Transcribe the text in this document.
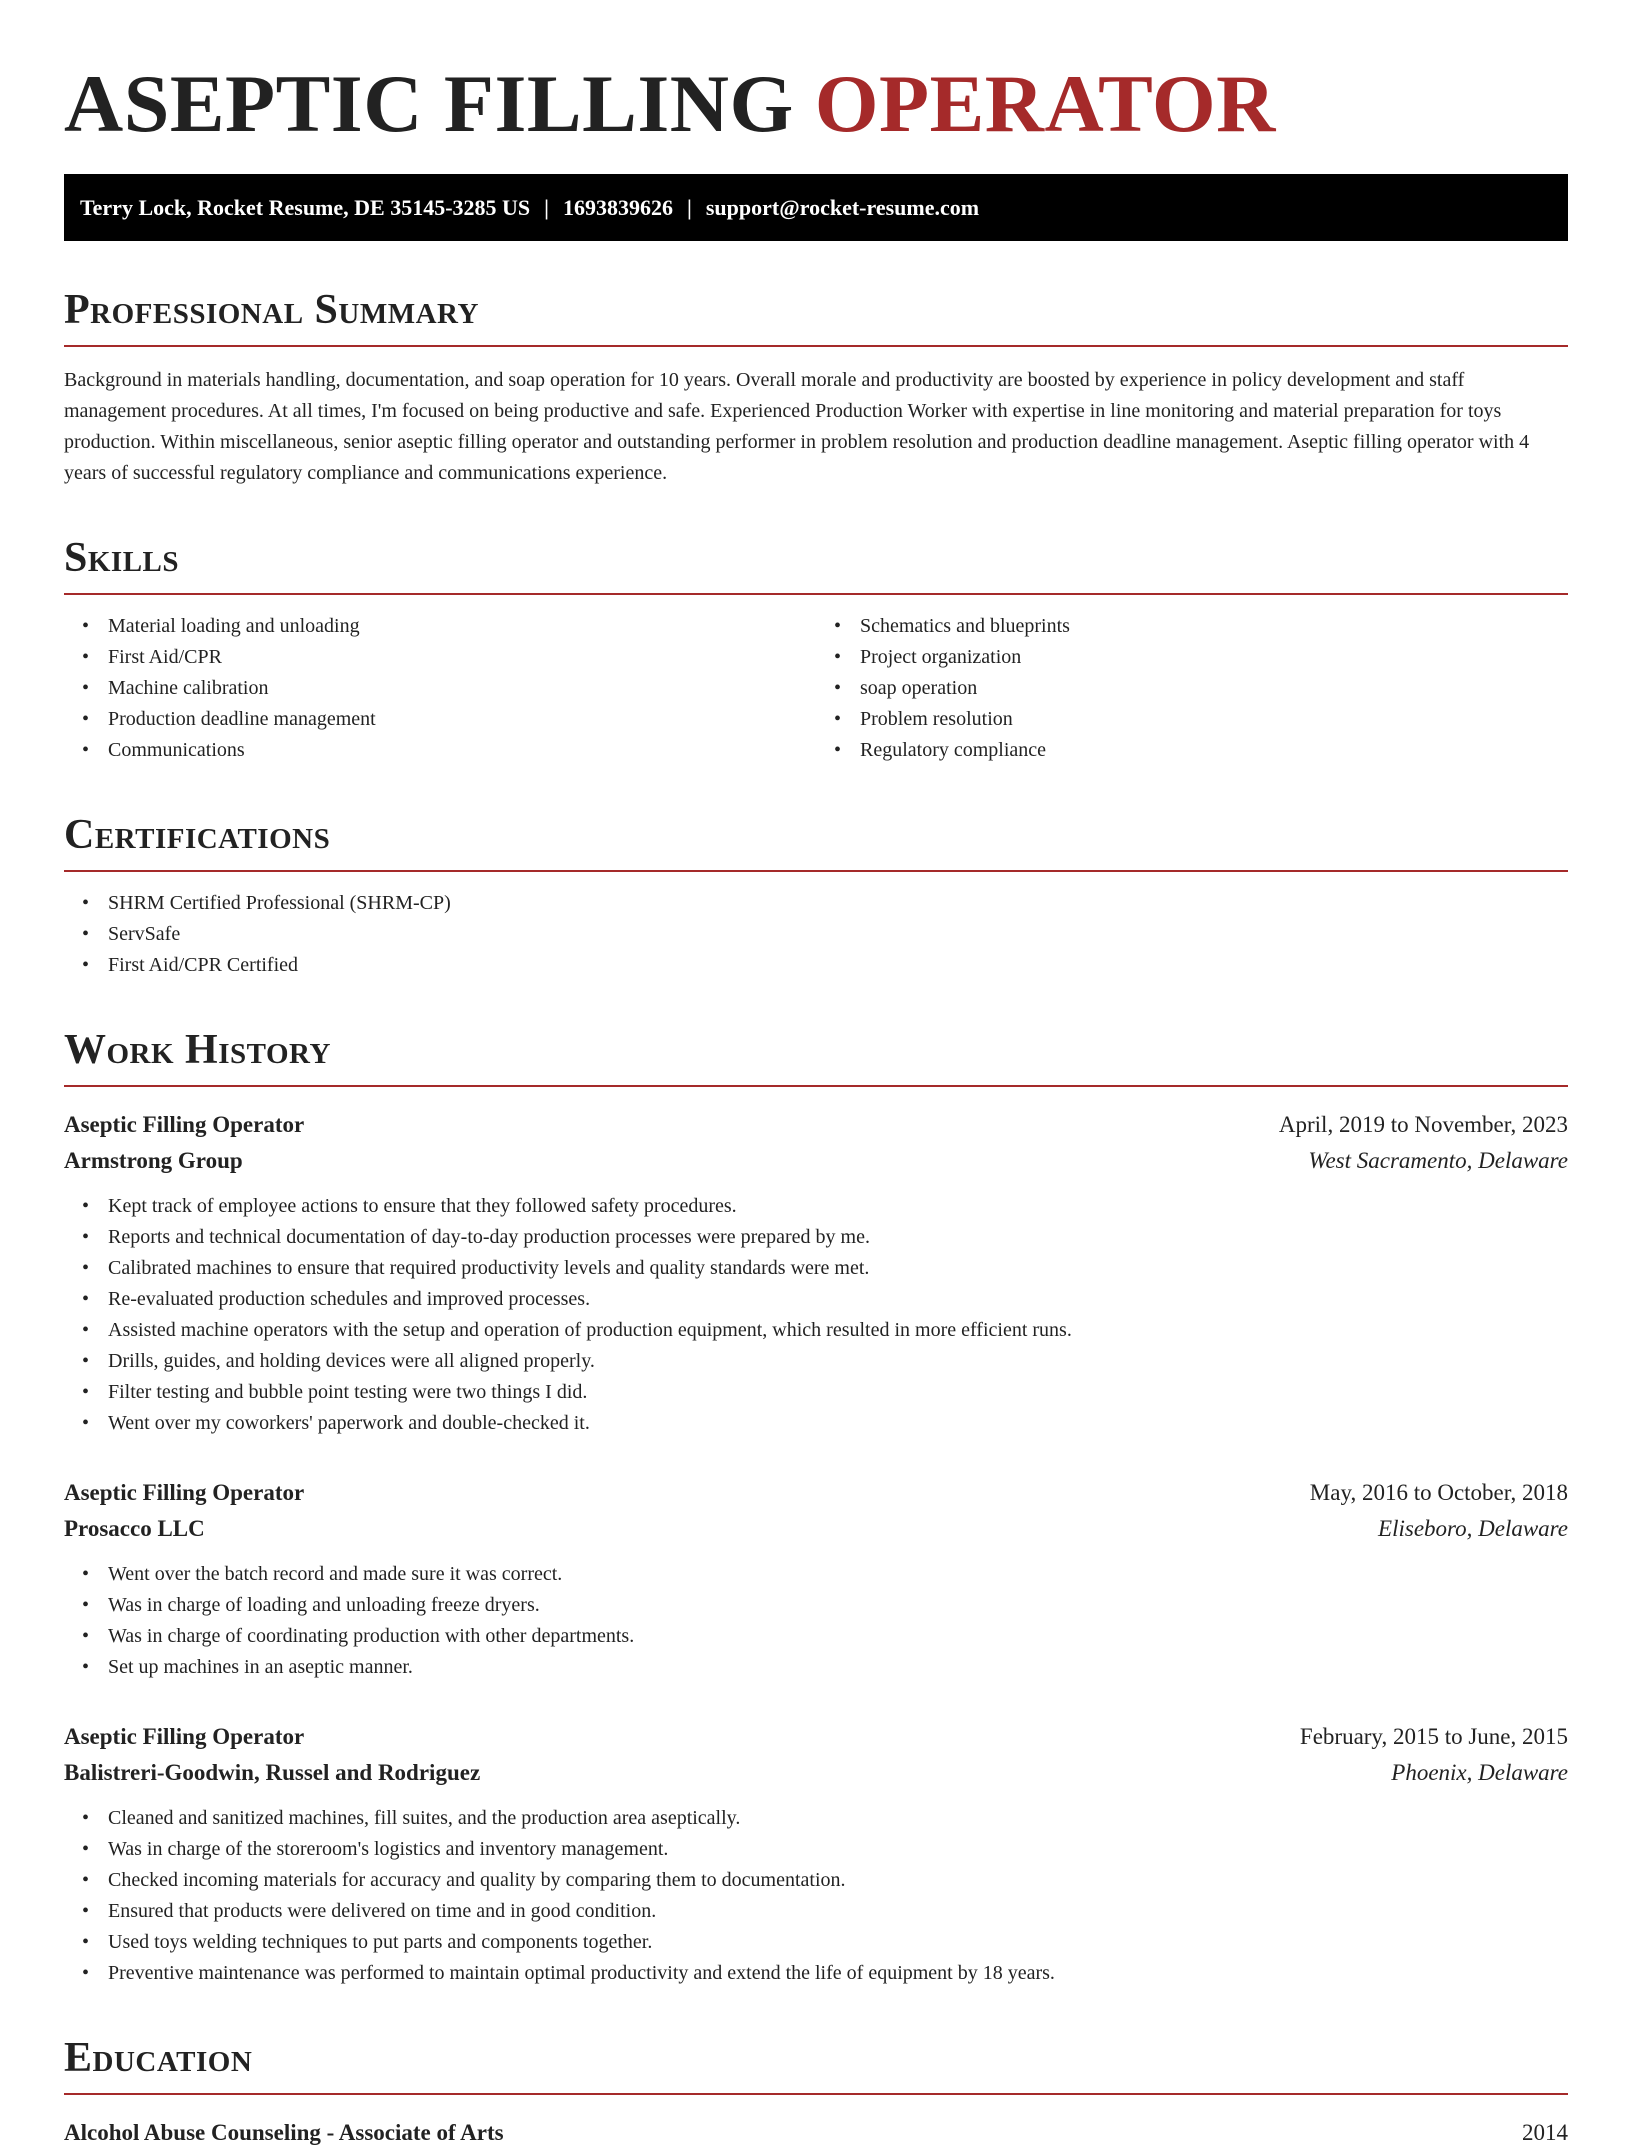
ASEPTIC FILLING OPERATOR
Terry Lock, Rocket Resume, DE 35145-3285 US | 1693839626 | support@rocket-resume.com
Professional Summary

Background in materials handling, documentation, and soap operation for 10 years. Overall morale and productivity are boosted by experience in policy development and staff management procedures. At all times, I'm focused on being productive and safe. Experienced Production Worker with expertise in line monitoring and material preparation for toys production. Within miscellaneous, senior aseptic filling operator and outstanding performer in problem resolution and production deadline management. Aseptic filling operator with 4 years of successful regulatory compliance and communications experience.

Skills
• Material loading and unloading
• First Aid/CPR
• Machine calibration
• Production deadline management
• Communications
• Schematics and blueprints
• Project organization
• soap operation
• Problem resolution
• Regulatory compliance
Certifications
• SHRM Certified Professional (SHRM-CP)
• ServSafe
• First Aid/CPR Certified
Work History
Aseptic Filling Operator	April, 2019 to November, 2023
Armstrong Group	West Sacramento, Delaware
• Kept track of employee actions to ensure that they followed safety procedures.
• Reports and technical documentation of day-to-day production processes were prepared by me.
• Calibrated machines to ensure that required productivity levels and quality standards were met.
• Re-evaluated production schedules and improved processes.
• Assisted machine operators with the setup and operation of production equipment, which resulted in more efficient runs.
• Drills, guides, and holding devices were all aligned properly.
• Filter testing and bubble point testing were two things I did.
• Went over my coworkers' paperwork and double-checked it.
Aseptic Filling Operator	May, 2016 to October, 2018
Prosacco LLC	Eliseboro, Delaware
• Went over the batch record and made sure it was correct.
• Was in charge of loading and unloading freeze dryers.
• Was in charge of coordinating production with other departments.
• Set up machines in an aseptic manner.
Aseptic Filling Operator	February, 2015 to June, 2015
Balistreri-Goodwin, Russel and Rodriguez	Phoenix, Delaware
• Cleaned and sanitized machines, fill suites, and the production area aseptically.
• Was in charge of the storeroom's logistics and inventory management.
• Checked incoming materials for accuracy and quality by comparing them to documentation.
• Ensured that products were delivered on time and in good condition.
• Used toys welding techniques to put parts and components together.
• Preventive maintenance was performed to maintain optimal productivity and extend the life of equipment by 18 years.
Education
Alcohol Abuse Counseling - Associate of Arts	2014
